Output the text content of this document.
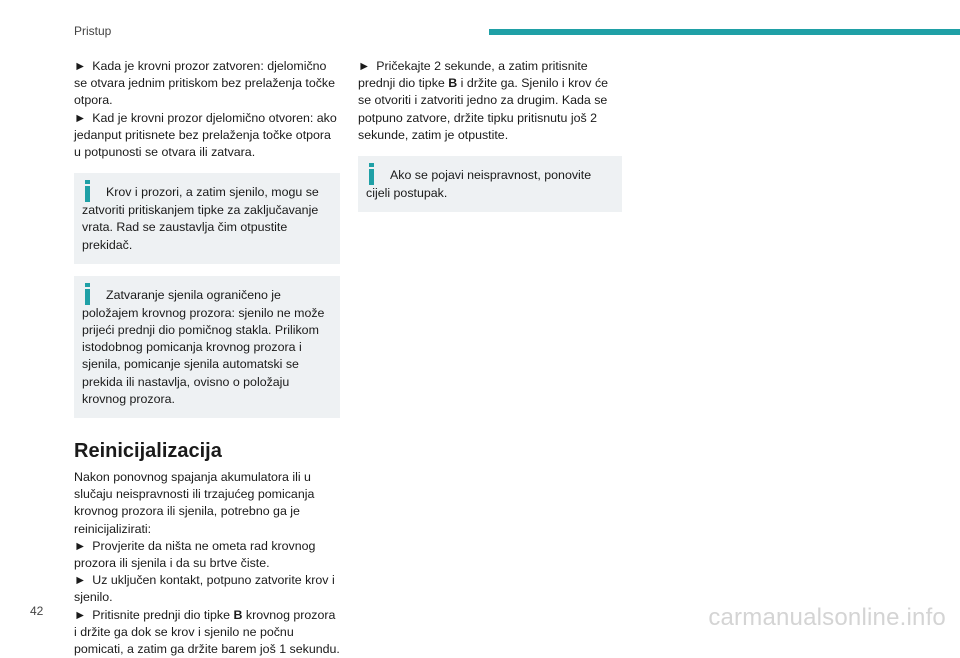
Pristup

► Kada je krovni prozor zatvoren: djelomično se otvara jednim pritiskom bez prelaženja točke otpora.

► Kad je krovni prozor djelomično otvoren: ako jedanput pritisnete bez prelaženja točke otpora u potpunosti se otvara ili zatvara.

Krov i prozori, a zatim sjenilo, mogu se zatvoriti pritiskanjem tipke za zaključavanje vrata. Rad se zaustavlja čim otpustite prekidač.
Zatvaranje sjenila ograničeno je položajem krovnog prozora: sjenilo ne može prijeći prednji dio pomičnog stakla. Prilikom istodobnog pomicanja krovnog prozora i sjenila, pomicanje sjenila automatski se prekida ili nastavlja, ovisno o položaju krovnog prozora.
Reinicijalizacija

Nakon ponovnog spajanja akumulatora ili u slučaju neispravnosti ili trzajućeg pomicanja krovnog prozora ili sjenila, potrebno ga je reinicijalizirati:

► Provjerite da ništa ne ometa rad krovnog prozora ili sjenila i da su brtve čiste.

► Uz uključen kontakt, potpuno zatvorite krov i sjenilo.

► Pritisnite prednji dio tipke B krovnog prozora i držite ga dok se krov i sjenilo ne počnu pomicati, a zatim ga držite barem još 1 sekundu.

► Pričekajte 2 sekunde, a zatim pritisnite prednji dio tipke B i držite ga. Sjenilo i krov će se otvoriti i zatvoriti jedno za drugim. Kada se potpuno zatvore, držite tipku pritisnutu još 2 sekunde, zatim je otpustite.

Ako se pojavi neispravnost, ponovite cijeli postupak.
42	carmanualsonline.info
